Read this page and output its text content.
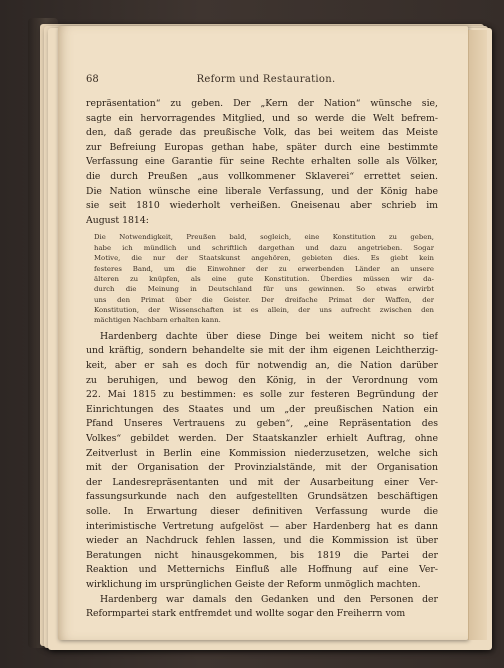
68	Reform und Restauration.
repräsentation“ zu geben. Der „Kern der Nation“ wünsche sie,
sagte ein hervorragendes Mitglied, und so werde die Welt befrem-
den, daß gerade das preußische Volk, das bei weitem das Meiste
zur Befreiung Europas gethan habe, später durch eine bestimmte
Verfassung eine Garantie für seine Rechte erhalten solle als Völker,
die durch Preußen „aus vollkommener Sklaverei“ errettet seien.
Die Nation wünsche eine liberale Verfassung, und der König habe
sie seit 1810 wiederholt verheißen. Gneisenau aber schrieb im
August 1814:
Die Notwendigkeit, Preußen bald, sogleich, eine Konstitution zu geben,
habe ich mündlich und schriftlich dargethan und dazu angetrieben. Sogar
Motive, die nur der Staatskunst angehören, gebieten dies. Es giebt kein
festeres Band, um die Einwohner der zu erwerbenden Länder an unsere
älteren zu knüpfen, als eine gute Konstitution. Überdies müssen wir da-
durch die Meinung in Deutschland für uns gewinnen. So etwas erwirbt
uns den Primat über die Geister. Der dreifache Primat der Waffen, der
Konstitution, der Wissenschaften ist es allein, der uns aufrecht zwischen den
mächtigen Nachbarn erhalten kann.
Hardenberg dachte über diese Dinge bei weitem nicht so tief
und kräftig, sondern behandelte sie mit der ihm eigenen Leichtherzig-
keit, aber er sah es doch für notwendig an, die Nation darüber
zu beruhigen, und bewog den König, in der Verordnung vom
22. Mai 1815 zu bestimmen: es solle zur festeren Begründung der
Einrichtungen des Staates und um „der preußischen Nation ein
Pfand Unseres Vertrauens zu geben“, „eine Repräsentation des
Volkes“ gebildet werden. Der Staatskanzler erhielt Auftrag, ohne
Zeitverlust in Berlin eine Kommission niederzusetzen, welche sich
mit der Organisation der Provinzialstände, mit der Organisation
der Landesrepräsentanten und mit der Ausarbeitung einer Ver-
fassungsurkunde nach den aufgestellten Grundsätzen beschäftigen
solle. In Erwartung dieser definitiven Verfassung wurde die
interimistische Vertretung aufgelöst — aber Hardenberg hat es dann
wieder an Nachdruck fehlen lassen, und die Kommission ist über
Beratungen nicht hinausgekommen, bis 1819 die Partei der
Reaktion und Metternichs Einfluß alle Hoffnung auf eine Ver-
wirklichung im ursprünglichen Geiste der Reform unmöglich machten.
Hardenberg war damals den Gedanken und den Personen der
Reformpartei stark entfremdet und wollte sogar den Freiherrn vom
